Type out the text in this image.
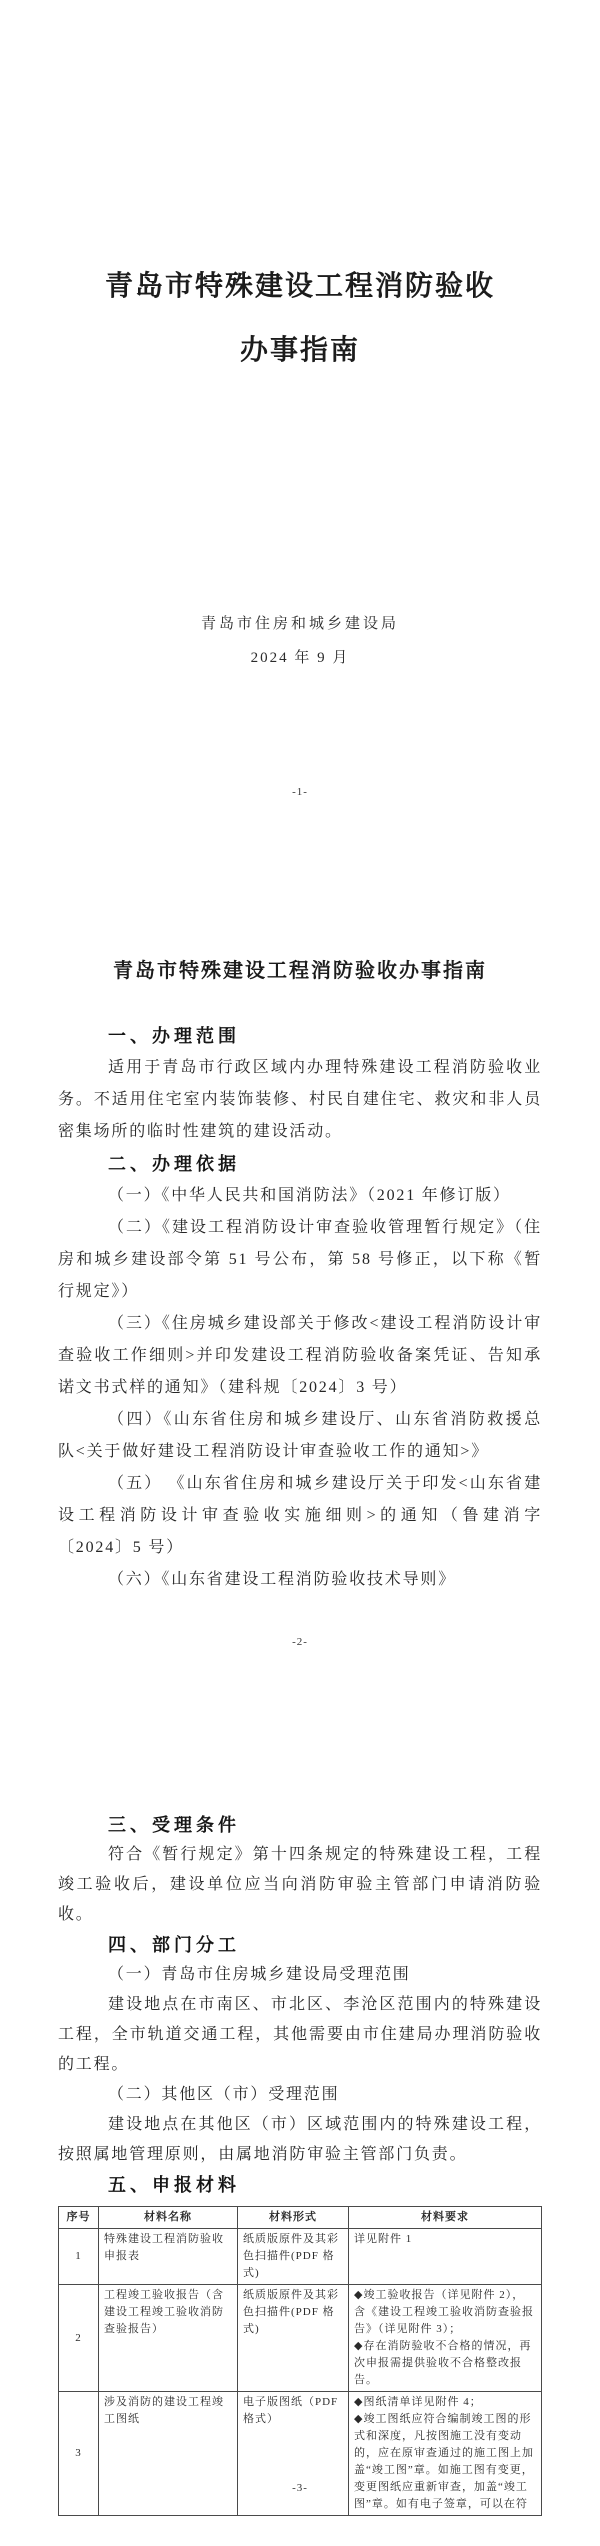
青岛市特殊建设工程消防验收
办事指南
青岛市住房和城乡建设局
2024 年 9 月
-1-
青岛市特殊建设工程消防验收办事指南
一、办理范围

适用于青岛市行政区域内办理特殊建设工程消防验收业务。不适用住宅室内装饰装修、村民自建住宅、救灾和非人员密集场所的临时性建筑的建设活动。

二、办理依据

（一）《中华人民共和国消防法》（2021 年修订版）

（二）《建设工程消防设计审查验收管理暂行规定》（住房和城乡建设部令第 51 号公布，第 58 号修正，以下称《暂行规定》）

（三）《住房城乡建设部关于修改<建设工程消防设计审查验收工作细则>并印发建设工程消防验收备案凭证、告知承诺文书式样的通知》（建科规〔2024〕3 号）

（四）《山东省住房和城乡建设厅、山东省消防救援总队<关于做好建设工程消防设计审查验收工作的通知>》

（五） 《山东省住房和城乡建设厅关于印发<山东省建设工程消防设计审查验收实施细则>的通知（鲁建消字〔2024〕5 号）

（六）《山东省建设工程消防验收技术导则》

-2-
三、受理条件

符合《暂行规定》第十四条规定的特殊建设工程，工程竣工验收后，建设单位应当向消防审验主管部门申请消防验收。

四、部门分工

（一）青岛市住房城乡建设局受理范围

建设地点在市南区、市北区、李沧区范围内的特殊建设工程，全市轨道交通工程，其他需要由市住建局办理消防验收的工程。

（二）其他区（市）受理范围

建设地点在其他区（市）区域范围内的特殊建设工程，按照属地管理原则，由属地消防审验主管部门负责。

五、申报材料
序号	材料名称	材料形式	材料要求
1	特殊建设工程消防验收申报表	纸质版原件及其彩色扫描件(PDF 格式)	详见附件 1

2	工程竣工验收报告（含建设工程竣工验收消防查验报告）	纸质版原件及其彩色扫描件(PDF 格式)	◆竣工验收报告（详见附件 2），含《建设工程竣工验收消防查验报告》（详见附件 3）；
◆存在消防验收不合格的情况，再次申报需提供验收不合格整改报告。

3	涉及消防的建设工程竣工图纸	电子版图纸（PDF 格式）	◆图纸清单详见附件 4；
◆竣工图纸应符合编制竣工图的形式和深度，凡按图施工没有变动的，应在原审查通过的施工图上加盖“竣工图”章。如施工图有变更，变更图纸应重新审查，加盖“竣工图”章。如有电子签章，可以在符
-3-
